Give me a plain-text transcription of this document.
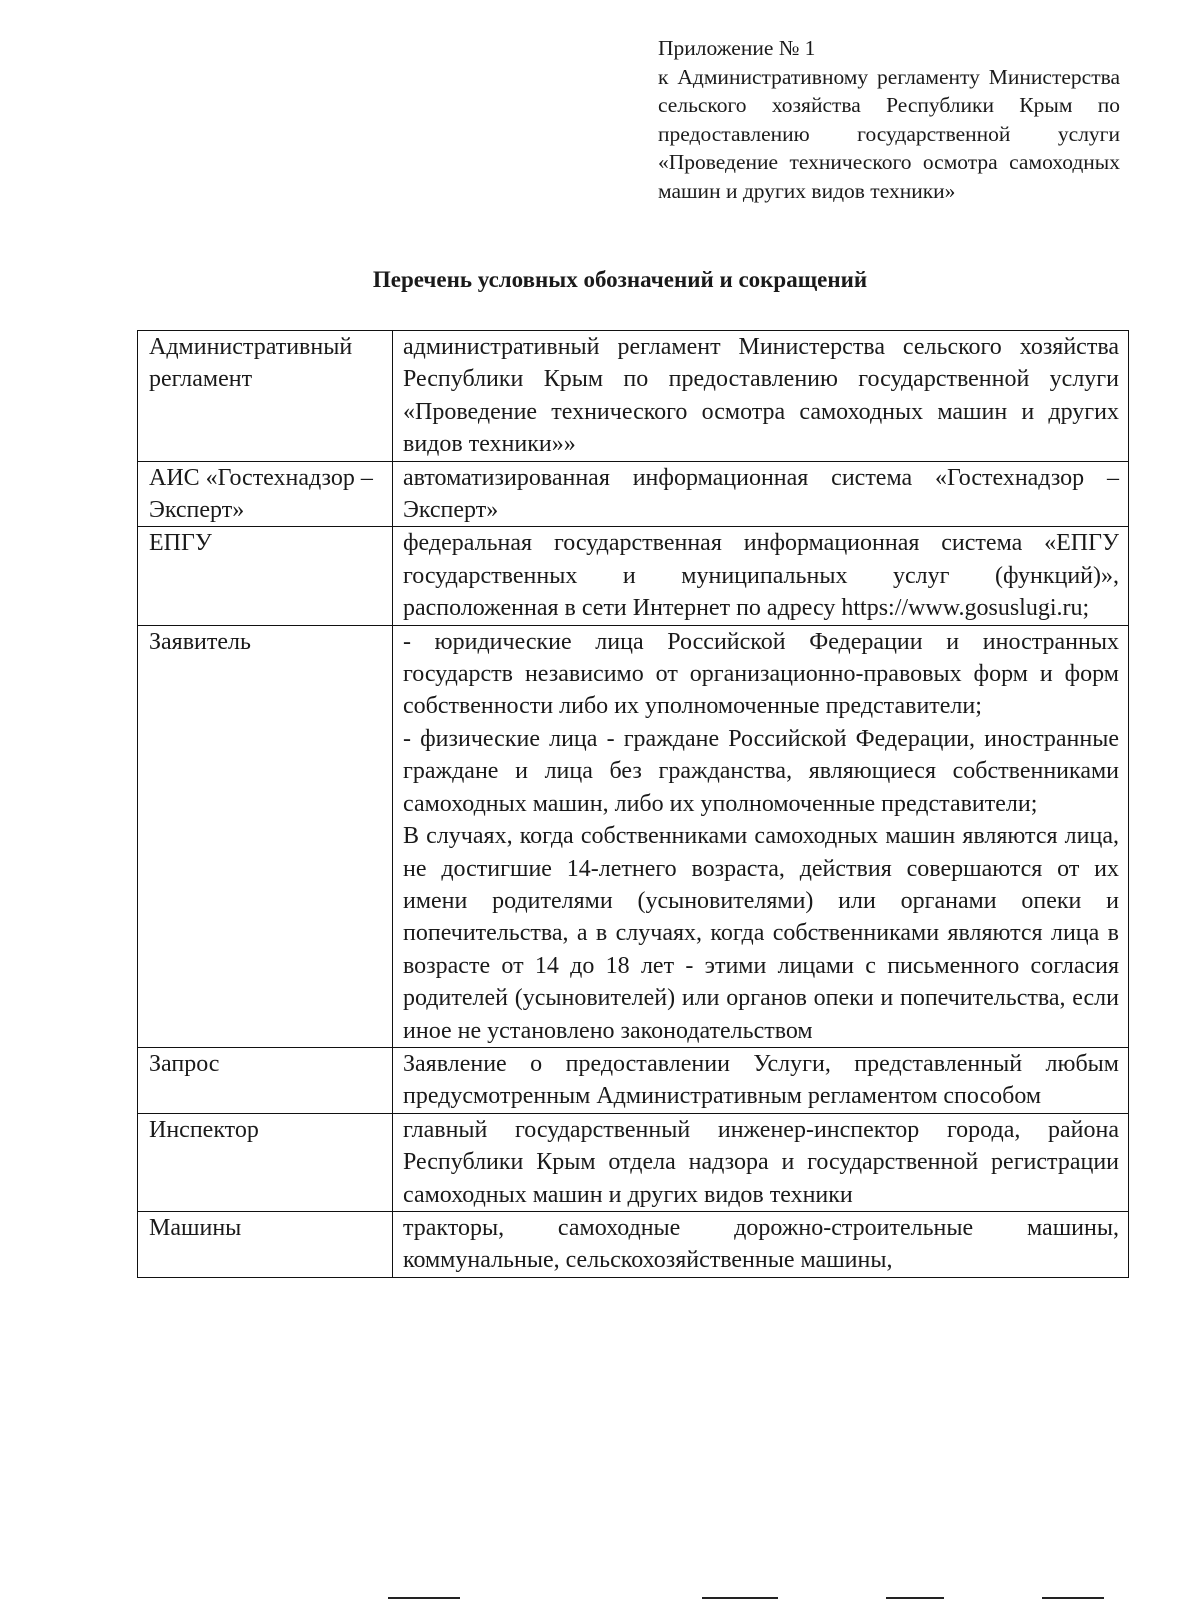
Приложение № 1
к Административному регламенту Министерства сельского хозяйства Республики Крым по предоставлению государственной услуги «Проведение технического осмотра самоходных машин и других видов техники»
Перечень условных обозначений и сокращений
Административный регламент	административный регламент Министерства сельского хозяйства Республики Крым по предоставлению государственной услуги «Проведение технического осмотра самоходных машин и других видов техники»»

АИС «Гостехнадзор – Эксперт»	автоматизированная информационная система «Гостехнадзор – Эксперт»

ЕПГУ	федеральная государственная информационная система «ЕПГУ государственных и муниципальных услуг (функций)», расположенная в сети Интернет по адресу https://www.gosuslugi.ru;

Заявитель	- юридические лица Российской Федерации и иностранных государств независимо от организационно-правовых форм и форм собственности либо их уполномоченные представители;
- физические лица - граждане Российской Федерации, иностранные граждане и лица без гражданства, являющиеся собственниками самоходных машин, либо их уполномоченные представители;
В случаях, когда собственниками самоходных машин являются лица, не достигшие 14-летнего возраста, действия совершаются от их имени родителями (усыновителями) или органами опеки и попечительства, а в случаях, когда собственниками являются лица в возрасте от 14 до 18 лет - этими лицами с письменного согласия родителей (усыновителей) или органов опеки и попечительства, если иное не установлено законодательством

Запрос	Заявление о предоставлении Услуги, представленный любым предусмотренным Административным регламентом способом

Инспектор	главный государственный инженер-инспектор города, района Республики Крым отдела надзора и государственной регистрации самоходных машин и других видов техники

Машины	тракторы, самоходные дорожно-строительные машины, коммунальные, сельскохозяйственные машины,
